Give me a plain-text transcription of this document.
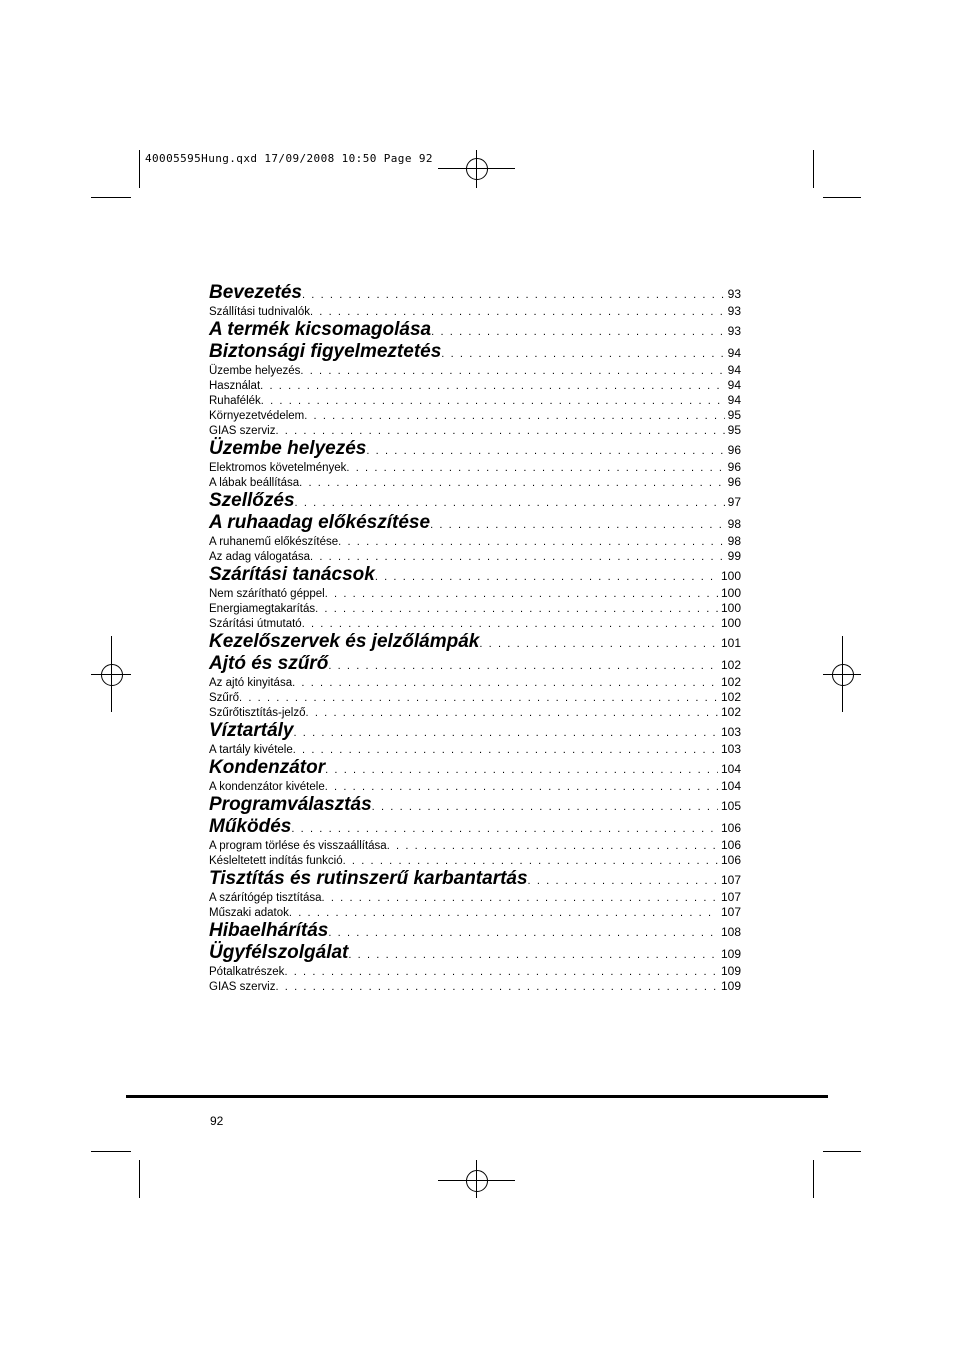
40005595Hung.qxd 17/09/2008 10:50 Page 92
Bevezetés . . .	93
Szállítási tudnivalók . . .	93
A termék kicsomagolása . . .	93
Biztonsági figyelmeztetés . . .	94
Üzembe helyezés . . .	94
Használat . . .	94
Ruhafélék . . .	94
Környezetvédelem . . .	95
GIAS szerviz . . .	95
Üzembe helyezés . . .	96
Elektromos követelmények . . .	96
A lábak beállítása . . .	96
Szellőzés . . .	97
A ruhaadag előkészítése . . .	98
A ruhanemű előkészítése . . .	98
Az adag válogatása . . .	99
Szárítási tanácsok . . .	100
Nem szárítható géppel . . .	100
Energiamegtakarítás . . .	100
Szárítási útmutató . . .	100
Kezelőszervek és jelzőlámpák . . .	101
Ajtó és szűrő . . .	102
Az ajtó kinyitása . . .	102
Szűrő . . .	102
Szűrőtisztítás-jelző . . .	102
Víztartály . . .	103
A tartály kivétele . . .	103
Kondenzátor . . .	104
A kondenzátor kivétele . . .	104
Programválasztás . . .	105
Működés . . .	106
A program törlése és visszaállítása . . .	106
Késleltetett indítás funkció . . .	106
Tisztítás és rutinszerű karbantartás . . .	107
A szárítógép tisztítása . . .	107
Műszaki adatok . . .	107
Hibaelhárítás . . .	108
Ügyfélszolgálat . . .	109
Pótalkatrészek . . .	109
GIAS szerviz . . .	109
92
